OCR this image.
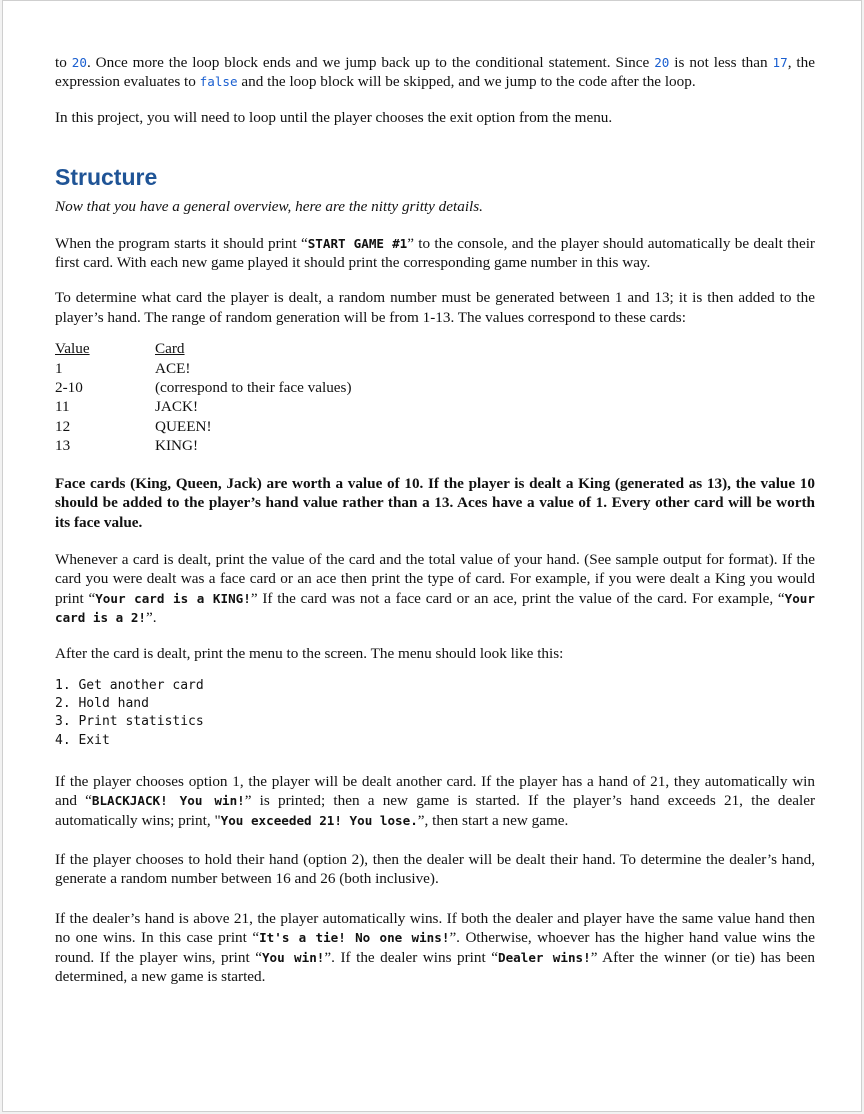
to 20. Once more the loop block ends and we jump back up to the conditional statement. Since 20 is not less than 17, the expression evaluates to false and the loop block will be skipped, and we jump to the code after the loop.

In this project, you will need to loop until the player chooses the exit option from the menu.

Structure

Now that you have a general overview, here are the nitty gritty details.

When the program starts it should print “START GAME #1” to the console, and the player should automatically be dealt their first card. With each new game played it should print the corresponding game number in this way.

To determine what card the player is dealt, a random number must be generated between 1 and 13; it is then added to the player’s hand. The range of random generation will be from 1-13. The values correspond to these cards:

Value	Card
1	ACE!
2-10	(correspond to their face values)
11	JACK!
12	QUEEN!
13	KING!

Face cards (King, Queen, Jack) are worth a value of 10. If the player is dealt a King (generated as 13), the value 10 should be added to the player’s hand value rather than a 13. Aces have a value of 1. Every other card will be worth its face value.

Whenever a card is dealt, print the value of the card and the total value of your hand. (See sample output for format). If the card you were dealt was a face card or an ace then print the type of card. For example, if you were dealt a King you would print “Your card is a KING!” If the card was not a face card or an ace, print the value of the card. For example, “Your card is a 2!”.

After the card is dealt, print the menu to the screen. The menu should look like this:

1. Get another card
2. Hold hand
3. Print statistics
4. Exit

If the player chooses option 1, the player will be dealt another card. If the player has a hand of 21, they automatically win and “BLACKJACK! You win!” is printed; then a new game is started. If the player’s hand exceeds 21, the dealer automatically wins; print, "You exceeded 21! You lose.”, then start a new game.

If the player chooses to hold their hand (option 2), then the dealer will be dealt their hand. To determine the dealer’s hand, generate a random number between 16 and 26 (both inclusive).

If the dealer’s hand is above 21, the player automatically wins. If both the dealer and player have the same value hand then no one wins. In this case print “It's a tie! No one wins!”. Otherwise, whoever has the higher hand value wins the round. If the player wins, print “You win!”. If the dealer wins print “Dealer wins!” After the winner (or tie) has been determined, a new game is started.
